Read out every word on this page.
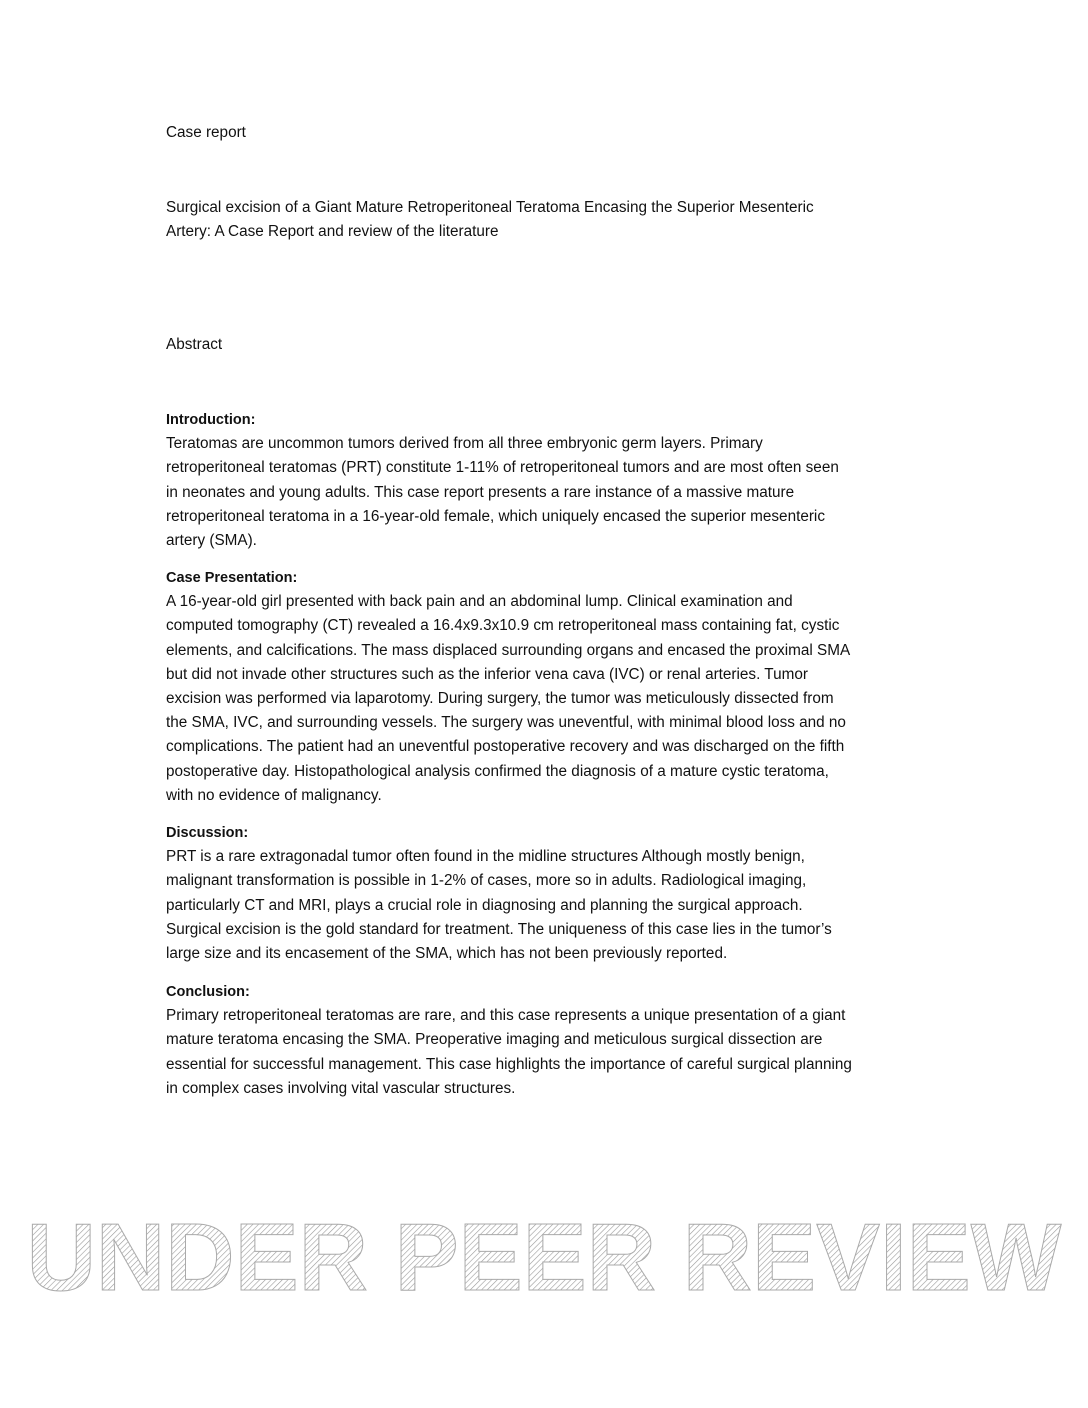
Case report
Surgical excision of a Giant Mature Retroperitoneal Teratoma Encasing the Superior Mesenteric
Artery: A Case Report and review of the literature
Abstract
Introduction:
Teratomas are uncommon tumors derived from all three embryonic germ layers. Primary
retroperitoneal teratomas (PRT) constitute 1-11% of retroperitoneal tumors and are most often seen
in neonates and young adults. This case report presents a rare instance of a massive mature
retroperitoneal teratoma in a 16-year-old female, which uniquely encased the superior mesenteric
artery (SMA).
Case Presentation:
A 16-year-old girl presented with back pain and an abdominal lump. Clinical examination and
computed tomography (CT) revealed a 16.4x9.3x10.9 cm retroperitoneal mass containing fat, cystic
elements, and calcifications. The mass displaced surrounding organs and encased the proximal SMA
but did not invade other structures such as the inferior vena cava (IVC) or renal arteries. Tumor
excision was performed via laparotomy. During surgery, the tumor was meticulously dissected from
the SMA, IVC, and surrounding vessels. The surgery was uneventful, with minimal blood loss and no
complications. The patient had an uneventful postoperative recovery and was discharged on the fifth
postoperative day. Histopathological analysis confirmed the diagnosis of a mature cystic teratoma,
with no evidence of malignancy.
Discussion:
PRT is a rare extragonadal tumor often found in the midline structures Although mostly benign,
malignant transformation is possible in 1-2% of cases, more so in adults. Radiological imaging,
particularly CT and MRI, plays a crucial role in diagnosing and planning the surgical approach.
Surgical excision is the gold standard for treatment. The uniqueness of this case lies in the tumor’s
large size and its encasement of the SMA, which has not been previously reported.
Conclusion:
Primary retroperitoneal teratomas are rare, and this case represents a unique presentation of a giant
mature teratoma encasing the SMA. Preoperative imaging and meticulous surgical dissection are
essential for successful management. This case highlights the importance of careful surgical planning
in complex cases involving vital vascular structures.
UNDER PEER REVIEW
